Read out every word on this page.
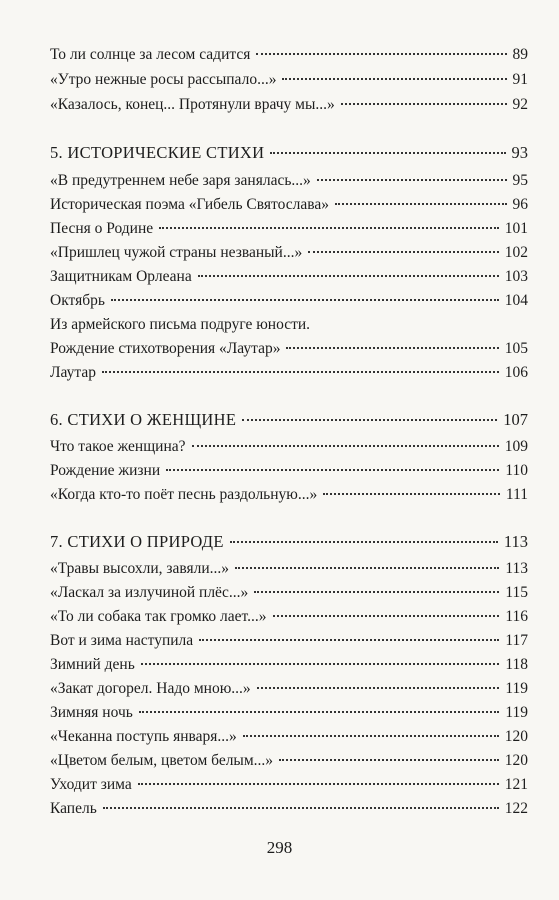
То ли солнце за лесом садится	89
«Утро нежные росы рассыпало...»	91
«Казалось, конец... Протянули врачу мы...»	92
5. ИСТОРИЧЕСКИЕ СТИХИ	93
«В предутреннем небе заря занялась...»	95
Историческая поэма «Гибель Святослава»	96
Песня о Родине	101
«Пришлец чужой страны незваный...»	102
Защитникам Орлеана	103
Октябрь	104
Из армейского письма подруге юности.
Рождение стихотворения «Лаутар»	105
Лаутар	106
6. СТИХИ О ЖЕНЩИНЕ	107
Что такое женщина?	109
Рождение жизни	110
«Когда кто-то поёт песнь раздольную...»	111
7. СТИХИ О ПРИРОДЕ	113
«Травы высохли, завяли...»	113
«Ласкал за излучиной плёс...»	115
«То ли собака так громко лает...»	116
Вот и зима наступила	117
Зимний день	118
«Закат догорел. Надо мною...»	119
Зимняя ночь	119
«Чеканна поступь января...»	120
«Цветом белым, цветом белым...»	120
Уходит зима	121
Капель	122
298
